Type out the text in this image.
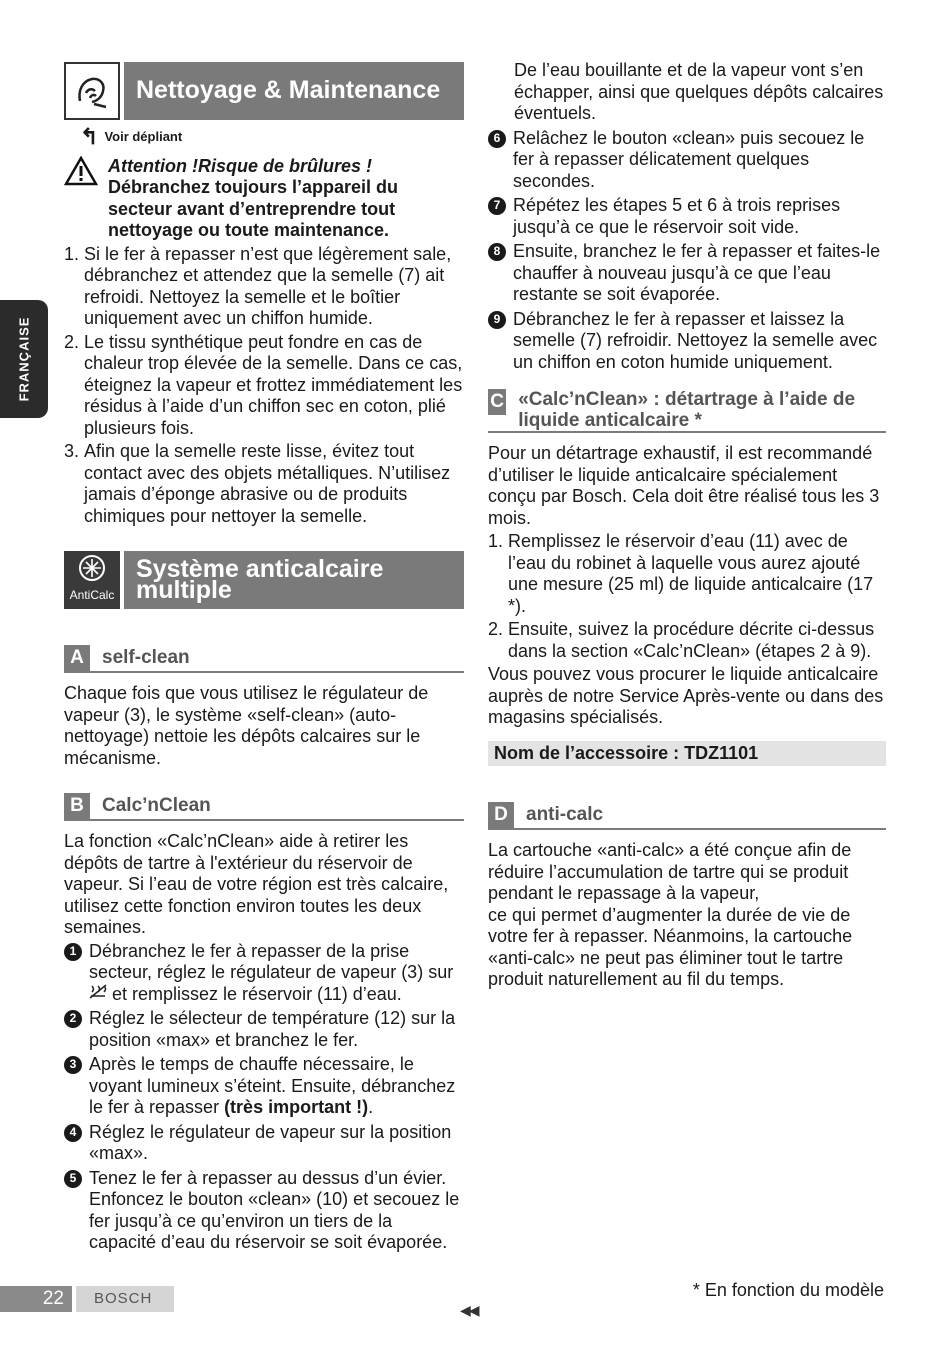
FRANÇAISE
Nettoyage & Maintenance
↰ Voir dépliant
Attention !Risque de brûlures !
Débranchez toujours l’appareil du secteur avant d’entreprendre tout nettoyage ou toute maintenance.
1. Si le fer à repasser n’est que légèrement sale, débranchez et attendez que la semelle (7) ait refroidi. Nettoyez la semelle et le boîtier uniquement avec un chiffon humide.
2. Le tissu synthétique peut fondre en cas de chaleur trop élevée de la semelle. Dans ce cas, éteignez la vapeur et frottez immédiatement les résidus à l’aide d’un chiffon sec en coton, plié plusieurs fois.
3. Afin que la semelle reste lisse, évitez tout contact avec des objets métalliques. N’utilisez jamais d’éponge abrasive ou de produits chimiques pour nettoyer la semelle.
AntiCalc
Système anticalcaire multiple
A self-clean

Chaque fois que vous utilisez le régulateur de vapeur (3), le système «self-clean» (auto-nettoyage) nettoie les dépôts calcaires sur le mécanisme.

B Calc’nClean

La fonction «Calc’nClean» aide à retirer les dépôts de tartre à l'extérieur du réservoir de vapeur. Si l’eau de votre région est très calcaire, utilisez cette fonction environ toutes les deux semaines.

1 Débranchez le fer à repasser de la prise secteur, réglez le régulateur de vapeur (3) sur  et remplissez le réservoir (11) d’eau.
2 Réglez le sélecteur de température (12) sur la position «max» et branchez le fer.
3 Après le temps de chauffe nécessaire, le voyant lumineux s’éteint. Ensuite, débranchez le fer à repasser (très important !).
4 Réglez le régulateur de vapeur sur la position «max».
5 Tenez le fer à repasser au dessus d’un évier. Enfoncez le bouton «clean» (10) et secouez le fer jusqu’à ce qu’environ un tiers de la capacité d’eau du réservoir se soit évaporée.
De l’eau bouillante et de la vapeur vont s’en échapper, ainsi que quelques dépôts calcaires éventuels.
6 Relâchez le bouton «clean» puis secouez le fer à repasser délicatement quelques secondes.
7 Répétez les étapes 5 et 6 à trois reprises jusqu’à ce que le réservoir soit vide.
8 Ensuite, branchez le fer à repasser et faites-le chauffer à nouveau jusqu’à ce que l’eau restante se soit évaporée.
9 Débranchez le fer à repasser et laissez la semelle (7) refroidir. Nettoyez la semelle avec un chiffon en coton humide uniquement.
C «Calc’nClean» : détartrage à l’aide de liquide anticalcaire *

Pour un détartrage exhaustif, il est recommandé d’utiliser le liquide anticalcaire spécialement conçu par Bosch. Cela doit être réalisé tous les 3 mois.

1. Remplissez le réservoir d’eau (11) avec de l’eau du robinet à laquelle vous aurez ajouté une mesure (25 ml) de liquide anticalcaire (17 *).
2. Ensuite, suivez la procédure décrite ci-dessus dans la section «Calc’nClean» (étapes 2 à 9).
Vous pouvez vous procurer le liquide anticalcaire auprès de notre Service Après-vente ou dans des magasins spécialisés.
Nom de l’accessoire : TDZ1101
D anti-calc

La cartouche «anti-calc» a été conçue afin de réduire l’accumulation de tartre qui se produit pendant le repassage à la vapeur,

ce qui permet d’augmenter la durée de vie de votre fer à repasser. Néanmoins, la cartouche «anti-calc» ne peut pas éliminer tout le tartre produit naturellement au fil du temps.
22	BOSCH	* En fonction du modèle
◀◀
